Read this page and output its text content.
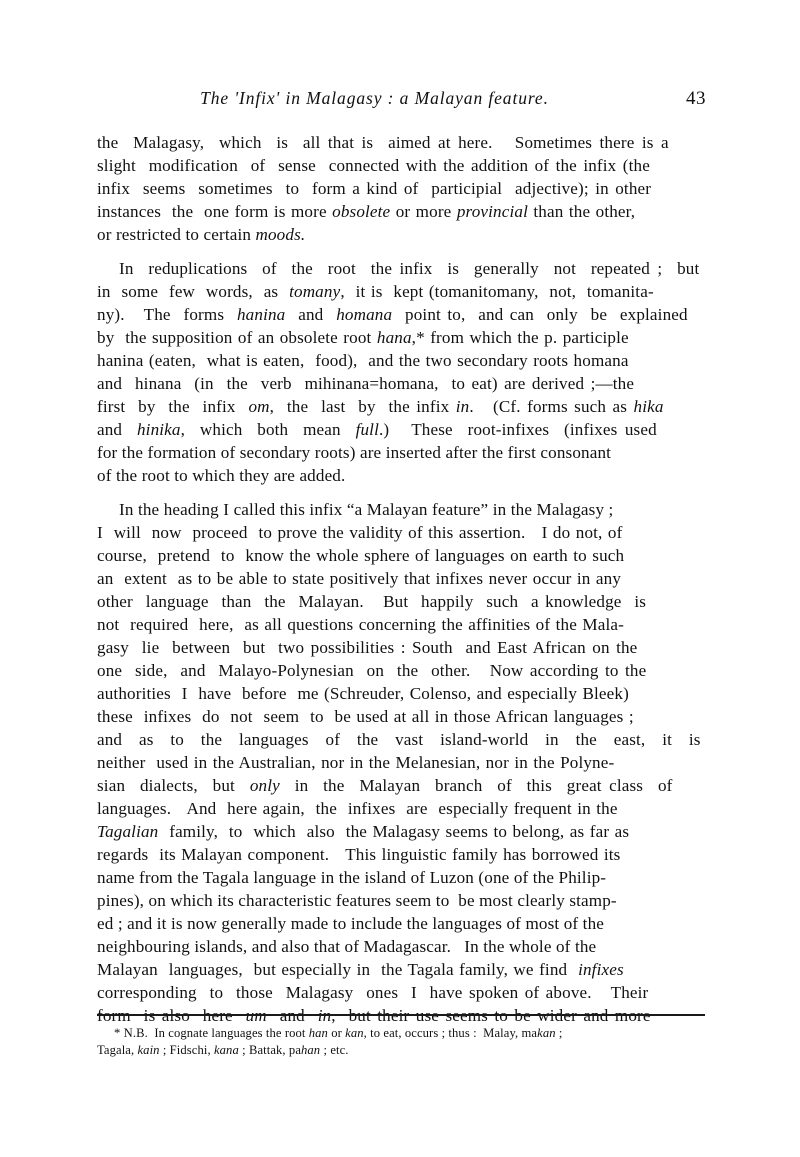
The 'Infix' in Malagasy : a Malayan feature.	43

the  Malagasy,  which  is  all that is  aimed at here.   Sometimes there is a
slight  modification  of  sense  connected with the addition of the infix (the
infix  seems  sometimes  to  form a kind of  participial  adjective); in other
instances  the  one form is more obsolete or more provincial than the other,
or restricted to certain moods.

In  reduplications  of  the  root  the infix  is  generally  not  repeated ;  but
in  some  few  words,  as  tomany,  it is  kept (tomanitomany,  not,  tomanita-
ny).   The  forms  hanina  and  homana  point to,  and can  only  be  explained
by  the supposition of an obsolete root hana,* from which the p. participle
hanina (eaten,  what is eaten,  food),  and the two secondary roots homana
and  hinana  (in  the  verb  mihinana=homana,  to eat) are derived ;—the
first  by  the  infix  om,  the  last  by  the infix in.   (Cf. forms such as hika
and  hinika,  which  both  mean  full.)   These  root-infixes  (infixes used
for the formation of secondary roots) are inserted after the first consonant
of the root to which they are added.

In the heading I called this infix “a Malayan feature” in the Malagasy ;
I  will  now  proceed  to prove the validity of this assertion.   I do not, of
course,  pretend  to  know the whole sphere of languages on earth to such
an  extent  as to be able to state positively that infixes never occur in any
other  language  than  the  Malayan.   But  happily  such  a knowledge  is
not  required  here,  as all questions concerning the affinities of the Mala-
gasy  lie  between  but  two possibilities : South  and East African on the
one  side,  and  Malayo-Polynesian  on  the  other.   Now according to the
authorities  I  have  before  me (Schreuder, Colenso, and especially Bleek)
these  infixes  do  not  seem  to  be used at all in those African languages ;
and  as  to  the  languages  of  the  vast  island-world  in  the  east,  it  is
neither  used in the Australian, nor in the Melanesian, nor in the Polyne-
sian  dialects,  but  only  in  the  Malayan  branch  of  this  great class  of
languages.   And  here again,  the  infixes  are  especially frequent in the
Tagalian  family,  to  which  also  the Malagasy seems to belong, as far as
regards  its Malayan component.   This linguistic family has borrowed its
name from the Tagala language in the island of Luzon (one of the Philip-
pines), on which its characteristic features seem to  be most clearly stamp-
ed ; and it is now generally made to include the languages of most of the
neighbouring islands, and also that of Madagascar.   In the whole of the
Malayan  languages,  but especially in  the Tagala family, we find  infixes
corresponding  to  those  Malagasy  ones  I  have spoken of above.   Their

* N.B.  In cognate languages the root han or kan, to eat, occurs ; thus :  Malay, makan ;
Tagala, kain ; Fidschi, kana ; Battak, pahan ; etc.
